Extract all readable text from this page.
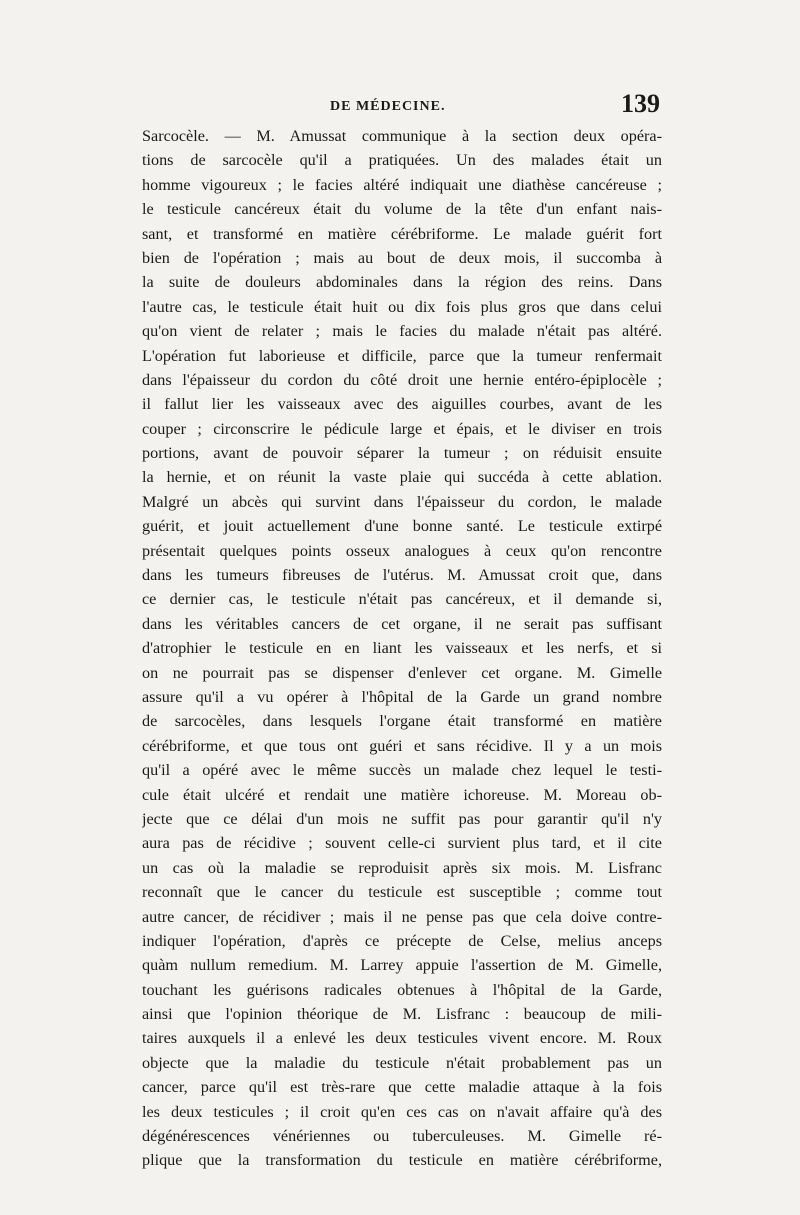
DE MÉDECINE.	139
Sarcocèle. — M. Amussat communique à la section deux opéra-
tions de sarcocèle qu'il a pratiquées. Un des malades était un
homme vigoureux ; le facies altéré indiquait une diathèse cancéreuse ;
le testicule cancéreux était du volume de la tête d'un enfant nais-
sant, et transformé en matière cérébriforme. Le malade guérit fort
bien de l'opération ; mais au bout de deux mois, il succomba à
la suite de douleurs abdominales dans la région des reins. Dans
l'autre cas, le testicule était huit ou dix fois plus gros que dans celui
qu'on vient de relater ; mais le facies du malade n'était pas altéré.
L'opération fut laborieuse et difficile, parce que la tumeur renfermait
dans l'épaisseur du cordon du côté droit une hernie entéro-épiplocèle ;
il fallut lier les vaisseaux avec des aiguilles courbes, avant de les
couper ; circonscrire le pédicule large et épais, et le diviser en trois
portions, avant de pouvoir séparer la tumeur ; on réduisit ensuite
la hernie, et on réunit la vaste plaie qui succéda à cette ablation.
Malgré un abcès qui survint dans l'épaisseur du cordon, le malade
guérit, et jouit actuellement d'une bonne santé. Le testicule extirpé
présentait quelques points osseux analogues à ceux qu'on rencontre
dans les tumeurs fibreuses de l'utérus. M. Amussat croit que, dans
ce dernier cas, le testicule n'était pas cancéreux, et il demande si,
dans les véritables cancers de cet organe, il ne serait pas suffisant
d'atrophier le testicule en en liant les vaisseaux et les nerfs, et si
on ne pourrait pas se dispenser d'enlever cet organe. M. Gimelle
assure qu'il a vu opérer à l'hôpital de la Garde un grand nombre
de sarcocèles, dans lesquels l'organe était transformé en matière
cérébriforme, et que tous ont guéri et sans récidive. Il y a un mois
qu'il a opéré avec le même succès un malade chez lequel le testi-
cule était ulcéré et rendait une matière ichoreuse. M. Moreau ob-
jecte que ce délai d'un mois ne suffit pas pour garantir qu'il n'y
aura pas de récidive ; souvent celle-ci survient plus tard, et il cite
un cas où la maladie se reproduisit après six mois. M. Lisfranc
reconnaît que le cancer du testicule est susceptible ; comme tout
autre cancer, de récidiver ; mais il ne pense pas que cela doive contre-
indiquer l'opération, d'après ce précepte de Celse, melius anceps
quàm nullum remedium. M. Larrey appuie l'assertion de M. Gimelle,
touchant les guérisons radicales obtenues à l'hôpital de la Garde,
ainsi que l'opinion théorique de M. Lisfranc : beaucoup de mili-
taires auxquels il a enlevé les deux testicules vivent encore. M. Roux
objecte que la maladie du testicule n'était probablement pas un
cancer, parce qu'il est très-rare que cette maladie attaque à la fois
les deux testicules ; il croit qu'en ces cas on n'avait affaire qu'à des
dégénérescences vénériennes ou tuberculeuses. M. Gimelle ré-
plique que la transformation du testicule en matière cérébriforme,
